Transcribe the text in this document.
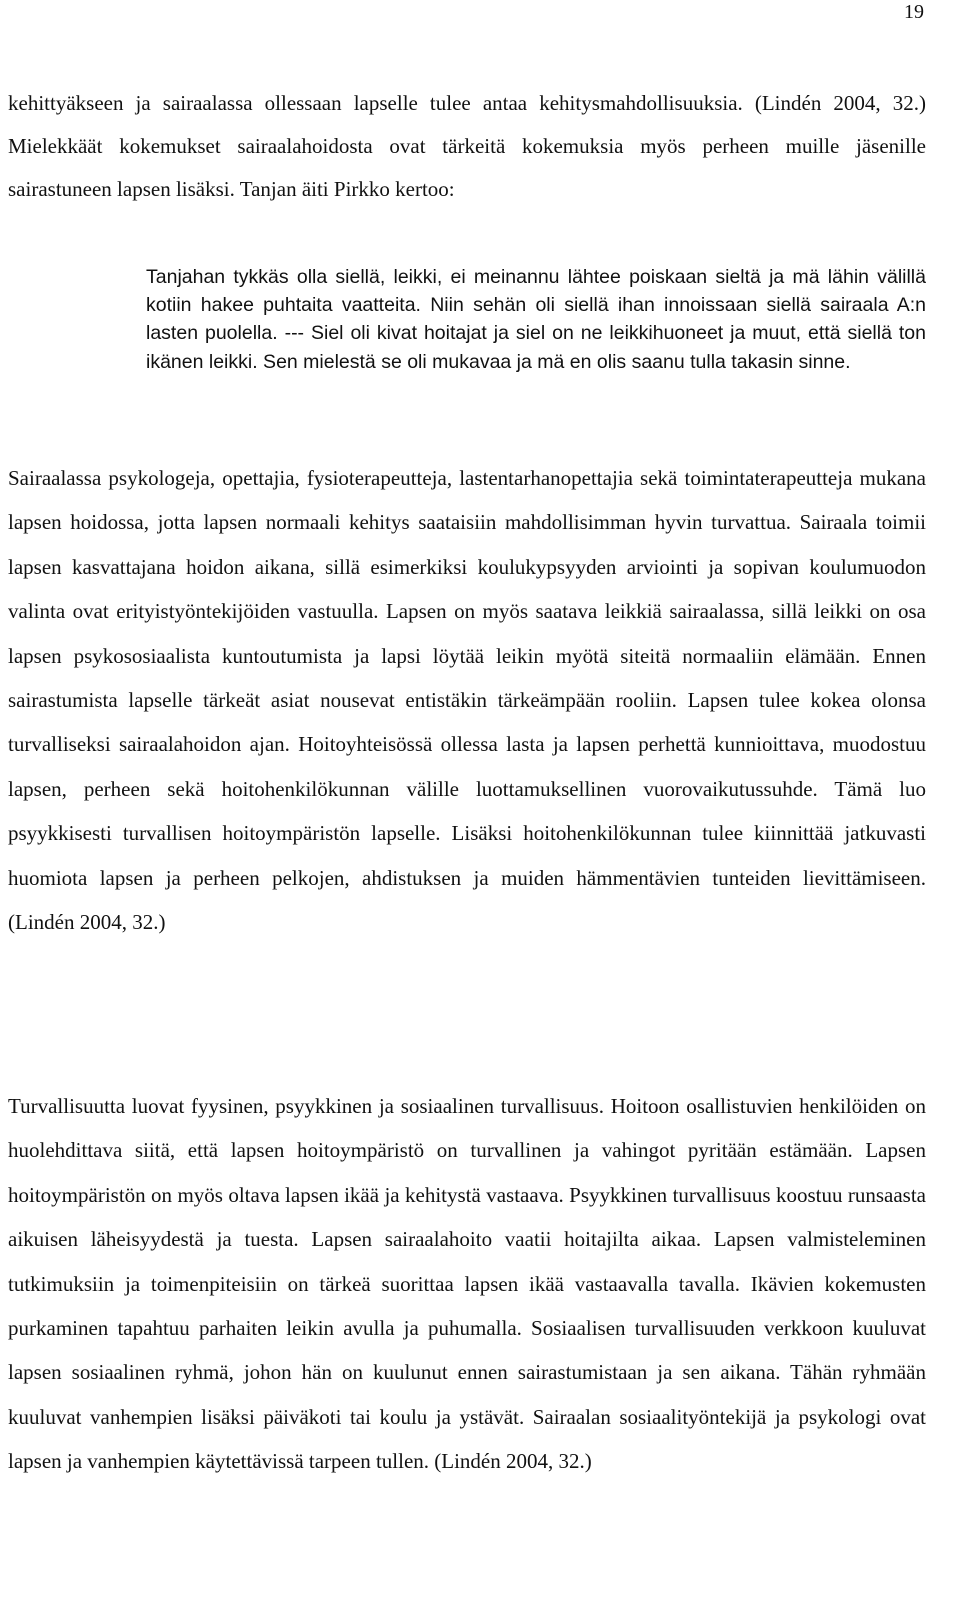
19

kehittyäkseen ja sairaalassa ollessaan lapselle tulee antaa kehitysmahdollisuuksia. (Lindén 2004, 32.) Mielekkäät kokemukset sairaalahoidosta ovat tärkeitä kokemuksia myös perheen muille jäsenille sairastuneen lapsen lisäksi. Tanjan äiti Pirkko kertoo:

Tanjahan tykkäs olla siellä, leikki, ei meinannu lähtee poiskaan sieltä ja mä lähin välillä kotiin hakee puhtaita vaatteita. Niin sehän oli siellä ihan innoissaan siellä sairaala A:n lasten puolella. --- Siel oli kivat hoitajat ja siel on ne leikkihuoneet ja muut, että siellä ton ikänen leikki. Sen mielestä se oli mukavaa ja mä en olis saanu tulla takasin sinne.

Sairaalassa psykologeja, opettajia, fysioterapeutteja, lastentarhanopettajia sekä toimintaterapeutteja mukana lapsen hoidossa, jotta lapsen normaali kehitys saataisiin mahdollisimman hyvin turvattua. Sairaala toimii lapsen kasvattajana hoidon aikana, sillä esimerkiksi koulukypsyyden arviointi ja sopivan koulumuodon valinta ovat erityistyöntekijöiden vastuulla. Lapsen on myös saatava leikkiä sairaalassa, sillä leikki on osa lapsen psykososiaalista kuntoutumista ja lapsi löytää leikin myötä siteitä normaaliin elämään. Ennen sairastumista lapselle tärkeät asiat nousevat entistäkin tärkeämpään rooliin. Lapsen tulee kokea olonsa turvalliseksi sairaalahoidon ajan. Hoitoyhteisössä ollessa lasta ja lapsen perhettä kunnioittava, muodostuu lapsen, perheen sekä hoitohenkilökunnan välille luottamuksellinen vuorovaikutussuhde. Tämä luo psyykkisesti turvallisen hoitoympäristön lapselle. Lisäksi hoitohenkilökunnan tulee kiinnittää jatkuvasti huomiota lapsen ja perheen pelkojen, ahdistuksen ja muiden hämmentävien tunteiden lievittämiseen. (Lindén 2004, 32.)

Turvallisuutta luovat fyysinen, psyykkinen ja sosiaalinen turvallisuus. Hoitoon osallistuvien henkilöiden on huolehdittava siitä, että lapsen hoitoympäristö on turvallinen ja vahingot pyritään estämään. Lapsen hoitoympäristön on myös oltava lapsen ikää ja kehitystä vastaava. Psyykkinen turvallisuus koostuu runsaasta aikuisen läheisyydestä ja tuesta. Lapsen sairaalahoito vaatii hoitajilta aikaa. Lapsen valmisteleminen tutkimuksiin ja toimenpiteisiin on tärkeä suorittaa lapsen ikää vastaavalla tavalla. Ikävien kokemusten purkaminen tapahtuu parhaiten leikin avulla ja puhumalla. Sosiaalisen turvallisuuden verkkoon kuuluvat lapsen sosiaalinen ryhmä, johon hän on kuulunut ennen sairastumistaan ja sen aikana. Tähän ryhmään kuuluvat vanhempien lisäksi päiväkoti tai koulu ja ystävät. Sairaalan sosiaalityöntekijä ja psykologi ovat lapsen ja vanhempien käytettävissä tarpeen tullen. (Lindén 2004, 32.)
